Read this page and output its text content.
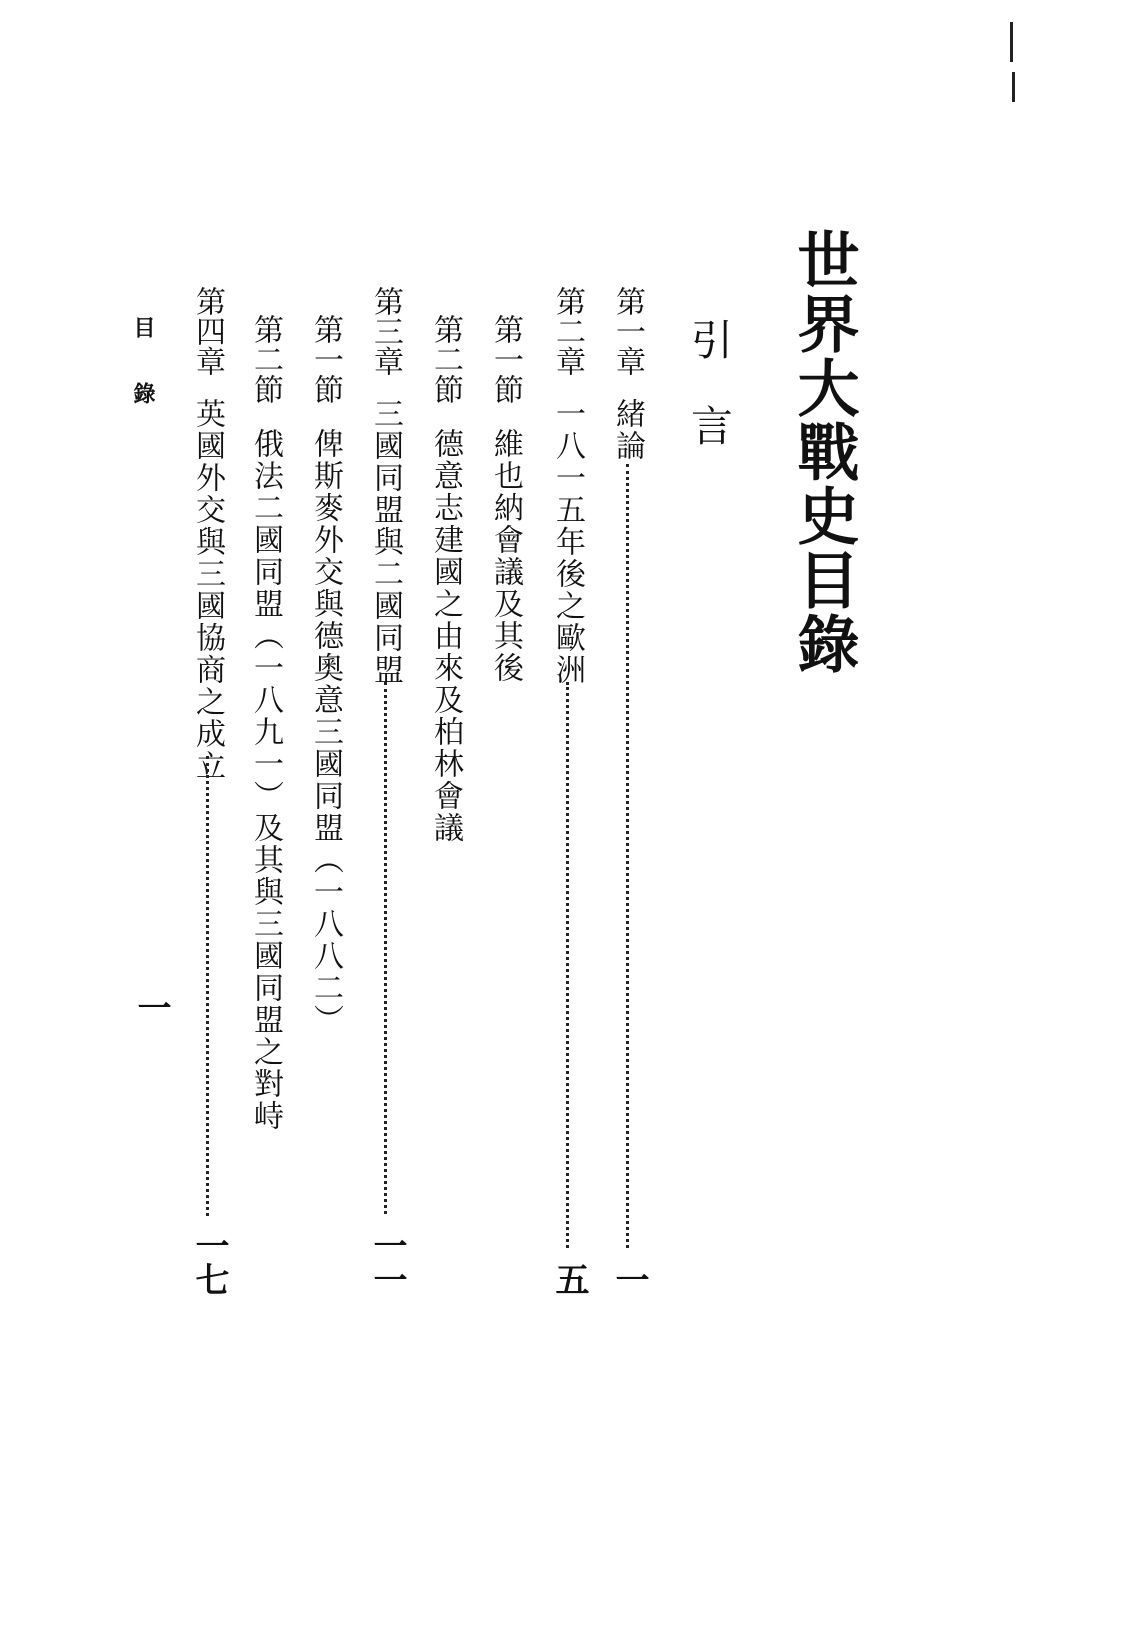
世界大戰史目錄
引言
第一章
緒論
一
第二章
一八一五年後之歐洲
五
第一節
維也納會議及其後
第二節
德意志建國之由來及柏林會議
第三章
三國同盟與二國同盟
一一
第一節
俾斯麥外交與德奧意三國同盟（一八八二）
第二節
俄法二國同盟（一八九一）及其與三國同盟之對峙
第四章
英國外交與三國協商之成立
一七
目錄
一
